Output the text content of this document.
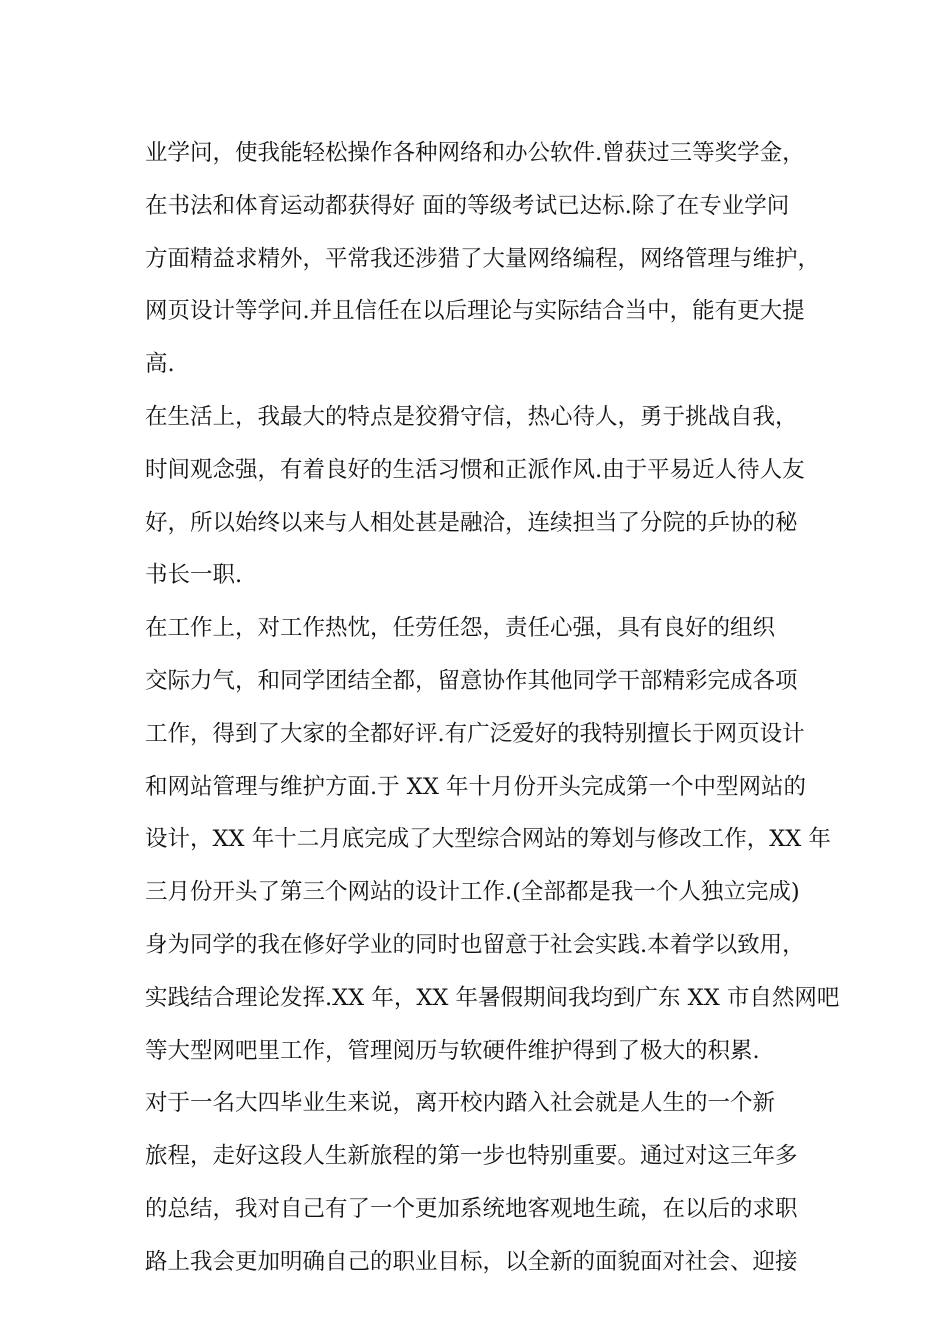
业学问，使我能轻松操作各种网络和办公软件.曾获过三等奖学金，
在书法和体育运动都获得好 面的等级考试已达标.除了在专业学问
方面精益求精外，平常我还涉猎了大量网络编程，网络管理与维护，
网页设计等学问.并且信任在以后理论与实际结合当中，能有更大提
高.
在生活上，我最大的特点是狡猾守信，热心待人，勇于挑战自我，
时间观念强，有着良好的生活习惯和正派作风.由于平易近人待人友
好，所以始终以来与人相处甚是融洽，连续担当了分院的乒协的秘
书长一职.
在工作上，对工作热忱，任劳任怨，责任心强，具有良好的组织
交际力气，和同学团结全都，留意协作其他同学干部精彩完成各项
工作，得到了大家的全都好评.有广泛爱好的我特别擅长于网页设计
和网站管理与维护方面.于 XX 年十月份开头完成第一个中型网站的
设计，XX 年十二月底完成了大型综合网站的筹划与修改工作，XX 年
三月份开头了第三个网站的设计工作.(全部都是我一个人独立完成)
身为同学的我在修好学业的同时也留意于社会实践.本着学以致用，
实践结合理论发挥.XX 年，XX 年暑假期间我均到广东 XX 市自然网吧
等大型网吧里工作，管理阅历与软硬件维护得到了极大的积累.
对于一名大四毕业生来说，离开校内踏入社会就是人生的一个新
旅程，走好这段人生新旅程的第一步也特别重要。通过对这三年多
的总结，我对自己有了一个更加系统地客观地生疏，在以后的求职
路上我会更加明确自己的职业目标，以全新的面貌面对社会、迎接
